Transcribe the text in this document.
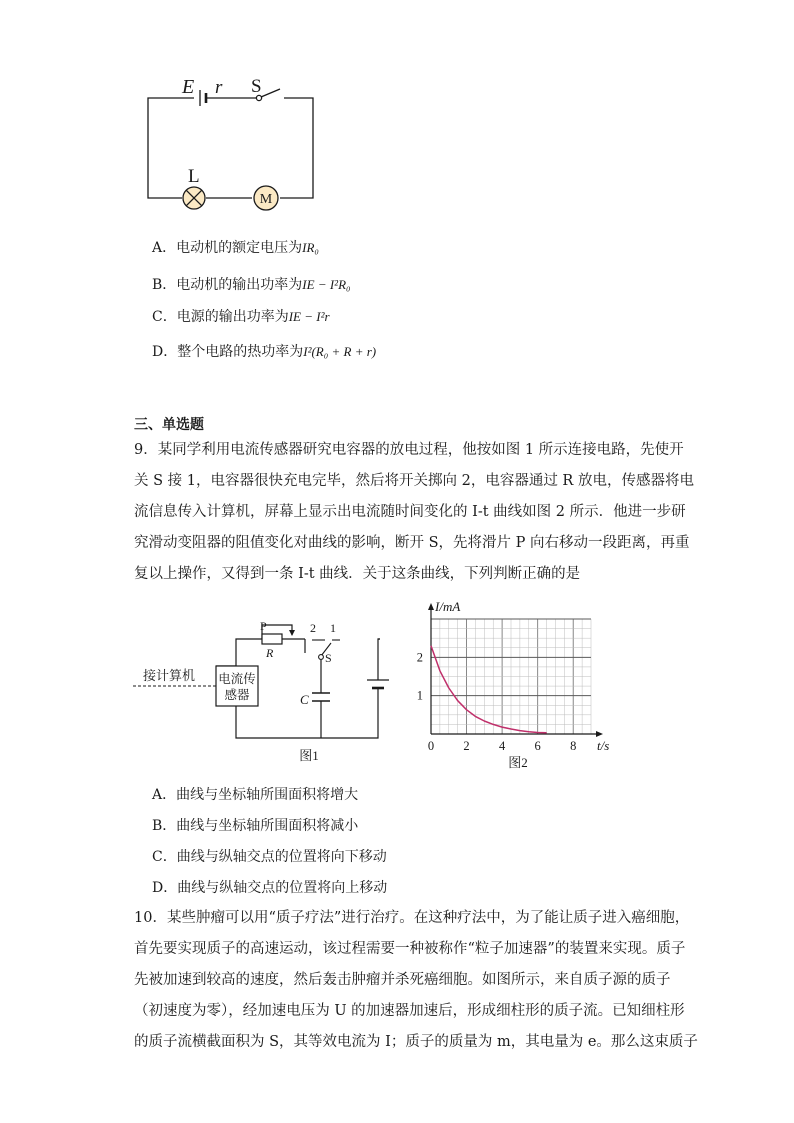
M
E r S
L
A．电动机的额定电压为IR₀
B．电动机的输出功率为IE − I²R₀
C．电源的输出功率为IE − I²r
D．整个电路的热功率为I²(R₀ + R + r)
三、单选题
9．某同学利用电流传感器研究电容器的放电过程，他按如图 1 所示连接电路，先使开
关 S 接 1，电容器很快充电完毕，然后将开关掷向 2，电容器通过 R 放电，传感器将电
流信息传入计算机，屏幕上显示出电流随时间变化的 I-t 曲线如图 2 所示．他进一步研
究滑动变阻器的阻值变化对曲线的影响，断开 S，先将滑片 P 向右移动一段距离，再重
复以上操作，又得到一条 I-t 曲线．关于这条曲线，下列判断正确的是
电流传
感器
接计算机
P
R
2 1
S
C
图1
0 2 4 6 8
1
2
I/mA
t/s
图2
A．曲线与坐标轴所围面积将增大
B．曲线与坐标轴所围面积将减小
C．曲线与纵轴交点的位置将向下移动
D．曲线与纵轴交点的位置将向上移动
10．某些肿瘤可以用“质子疗法”进行治疗。在这种疗法中，为了能让质子进入癌细胞，
首先要实现质子的高速运动，该过程需要一种被称作“粒子加速器”的装置来实现。质子
先被加速到较高的速度，然后轰击肿瘤并杀死癌细胞。如图所示，来自质子源的质子
（初速度为零），经加速电压为 U 的加速器加速后，形成细柱形的质子流。已知细柱形
的质子流横截面积为 S，其等效电流为 I；质子的质量为 m，其电量为 e。那么这束质子
